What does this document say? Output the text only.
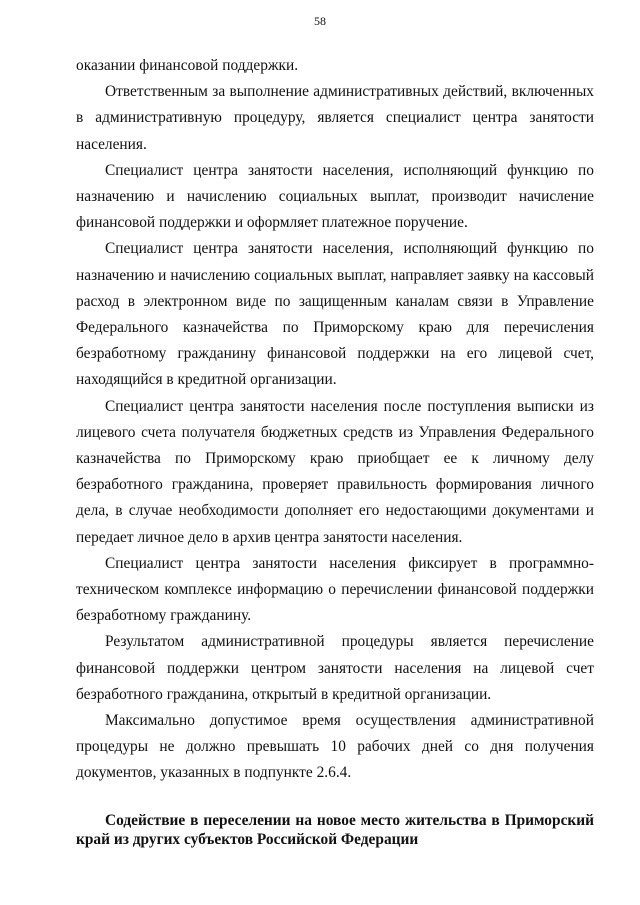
58

оказании финансовой поддержки.

Ответственным за выполнение административных действий, включенных в административную процедуру, является специалист центра занятости населения.

Специалист центра занятости населения, исполняющий функцию по назначению и начислению социальных выплат, производит начисление финансовой поддержки и оформляет платежное поручение.

Специалист центра занятости населения, исполняющий функцию по назначению и начислению социальных выплат, направляет заявку на кассовый расход в электронном виде по защищенным каналам связи в Управление Федерального казначейства по Приморскому краю для перечисления безработному гражданину финансовой поддержки на его лицевой счет, находящийся в кредитной организации.

Специалист центра занятости населения после поступления выписки из лицевого счета получателя бюджетных средств из Управления Федерального казначейства по Приморскому краю приобщает ее к личному делу безработного гражданина, проверяет правильность формирования личного дела, в случае необходимости дополняет его недостающими документами и передает личное дело в архив центра занятости населения.

Специалист центра занятости населения фиксирует в программно-техническом комплексе информацию о перечислении финансовой поддержки безработному гражданину.

Результатом административной процедуры является перечисление финансовой поддержки центром занятости населения на лицевой счет безработного гражданина, открытый в кредитной организации.

Максимально допустимое время осуществления административной процедуры не должно превышать 10 рабочих дней со дня получения документов, указанных в подпункте 2.6.4.

Содействие в переселении на новое место жительства в Приморский край из других субъектов Российской Федерации
